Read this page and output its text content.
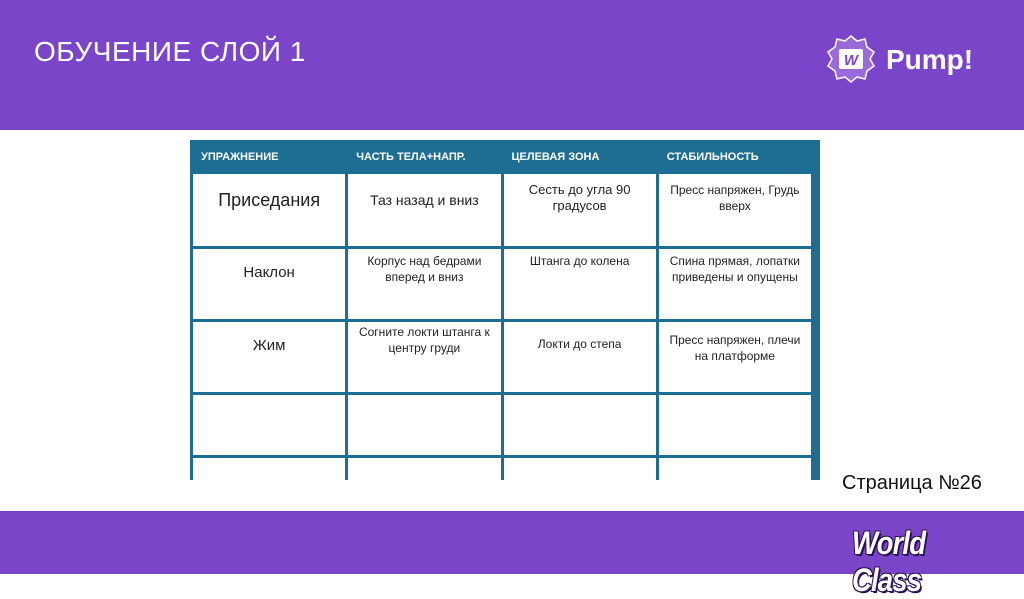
ОБУЧЕНИЕ СЛОЙ 1	W Pump!
УПРАЖНЕНИЕ	ЧАСТЬ ТЕЛА+НАПР.	ЦЕЛЕВАЯ ЗОНА	СТАБИЛЬНОСТЬ
Приседания	Таз назад и вниз	Сесть до угла 90 градусов	Пресс напряжен, Грудь вверх
Наклон	Корпус над бедрами вперед и вниз	Штанга до колена	Спина прямая, лопатки приведены и опущены
Жим	Согните локти штанга к центру груди	Локти до степа	Пресс напряжен, плечи на платформе

Страница №26
World Class
